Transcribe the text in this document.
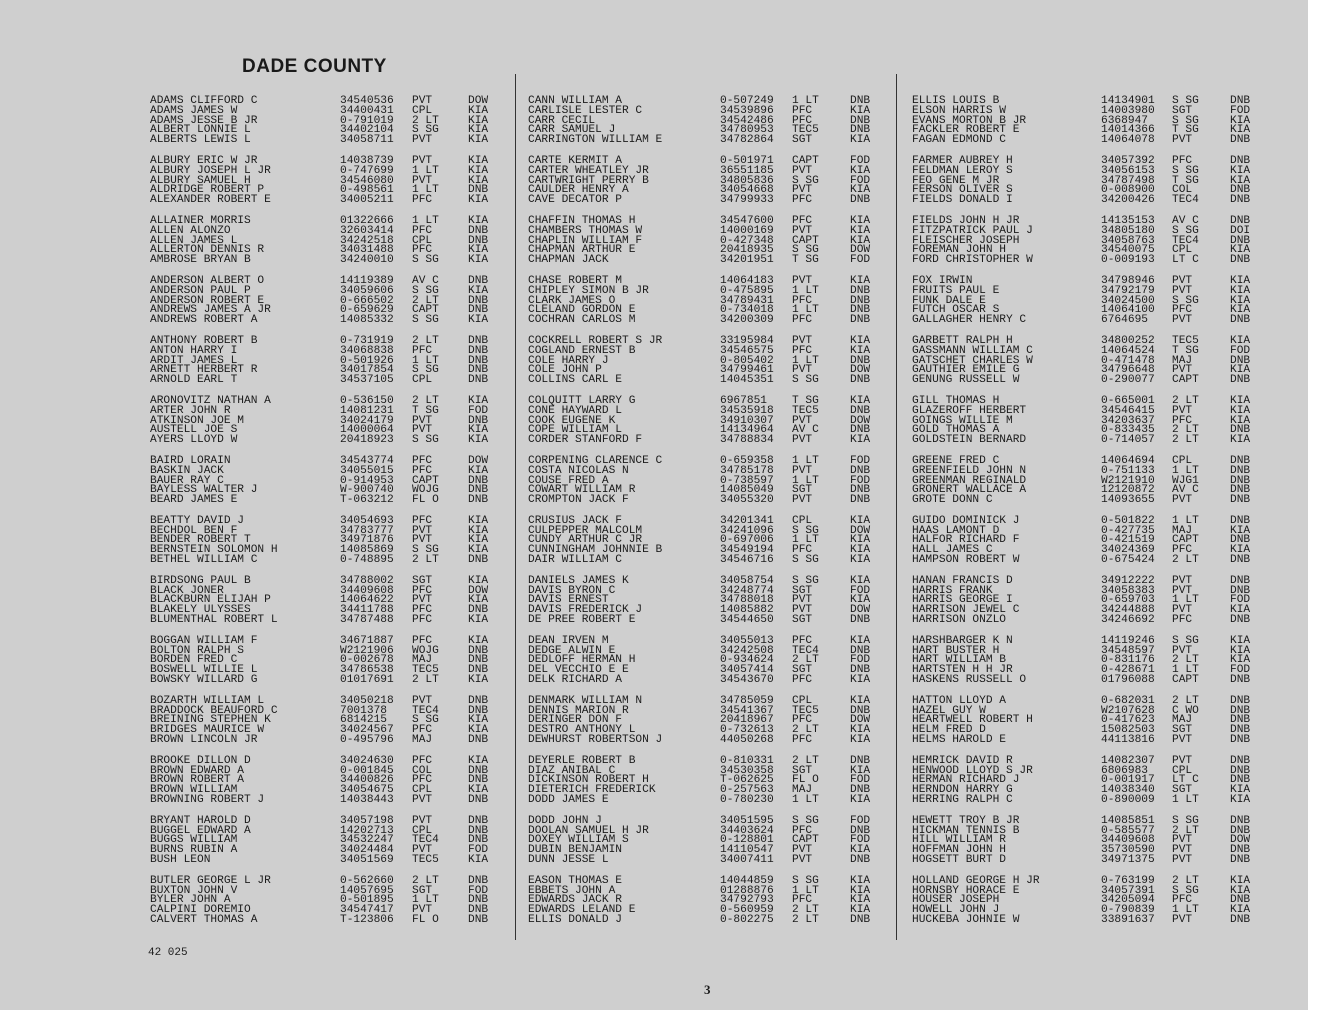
DADE COUNTY
ADAMS CLIFFORD C	34540536 PVT	DOW
ADAMS JAMES W	34400431 CPL	KIA
ADAMS JESSE B JR	0-791019 2 LT	KIA
ALBERT LONNIE L	34402104 S SG	KIA
ALBERTS LEWIS L	34058711 PVT	KIA
ALBURY ERIC W JR	14038739 PVT	KIA
ALBURY JOSEPH L JR	0-747699 1 LT	KIA
ALBURY SAMUEL H	34546080 PVT	KIA
ALDRIDGE ROBERT P	0-498561 1 LT	DNB
ALEXANDER ROBERT E	34005211 PFC	KIA
ALLAINER MORRIS	01322666 1 LT	KIA
ALLEN ALONZO	32603414 PFC	DNB
ALLEN JAMES L	34242518 CPL	DNB
ALLERTON DENNIS R	34031488 PFC	KIA
AMBROSE BRYAN B	34240010 S SG	KIA
ANDERSON ALBERT O	14119389 AV C	DNB
ANDERSON PAUL P	34059606 S SG	KIA
ANDERSON ROBERT E	0-666502 2 LT	DNB
ANDREWS JAMES A JR	0-659629 CAPT	DNB
ANDREWS ROBERT A	14085332 S SG	KIA
ANTHONY ROBERT B	0-731919 2 LT	DNB
ANTON HARRY I	34068838 PFC	DNB
ARDIT JAMES L	0-501926 1 LT	DNB
ARNETT HERBERT R	34017854 S SG	DNB
ARNOLD EARL T	34537105 CPL	DNB
ARONOVITZ NATHAN A	0-536150 2 LT	KIA
ARTER JOHN R	14081231 T SG	FOD
ATKINSON JOE M	34024179 PVT	DNB
AUSTELL JOE S	14000064 PVT	KIA
AYERS LLOYD W	20418923 S SG	KIA
BAIRD LORAIN	34543774 PFC	DOW
BASKIN JACK	34055015 PFC	KIA
BAUER RAY C	0-914953 CAPT	DNB
BAYLESS WALTER J	W-900740 WOJG	DNB
BEARD JAMES E	T-063212 FL O	DNB
BEATTY DAVID J	34054693 PFC	KIA
BECHDOL BEN F	34783777 PVT	KIA
BENDER ROBERT T	34971876 PVT	KIA
BERNSTEIN SOLOMON H	14085869 S SG	KIA
BETHEL WILLIAM C	0-748895 2 LT	DNB
BIRDSONG PAUL B	34788002 SGT	KIA
BLACK JONER	34409608 PFC	DOW
BLACKBURN ELIJAH P	14064622 PVT	KIA
BLAKELY ULYSSES	34411788 PFC	DNB
BLUMENTHAL ROBERT L	34787488 PFC	KIA
BOGGAN WILLIAM F	34671887 PFC	KIA
BOLTON RALPH S	W2121906 WOJG	DNB
BORDEN FRED C	0-002678 MAJ	DNB
BOSWELL WILLIE L	34786538 TEC5	DNB
BOWSKY WILLARD G	01017691 2 LT	KIA
BOZARTH WILLIAM L	34050218 PVT	DNB
BRADDOCK BEAUFORD C	7001378 TEC4	DNB
BREINING STEPHEN K	6814215 S SG	KIA
BRIDGES MAURICE W	34024567 PFC	KIA
BROWN LINCOLN JR	0-495796 MAJ	DNB
BROOKE DILLON D	34024630 PFC	KIA
BROWN EDWARD A	0-001845 COL	DNB
BROWN ROBERT A	34400826 PFC	DNB
BROWN WILLIAM	34054675 CPL	KIA
BROWNING ROBERT J	14038443 PVT	DNB
BRYANT HAROLD D	34057198 PVT	DNB
BUGGEL EDWARD A	14202713 CPL	DNB
BUGGS WILLIAM	34532247 TEC4	DNB
BURNS RUBIN A	34024484 PVT	FOD
BUSH LEON	34051569 TEC5	KIA
BUTLER GEORGE L JR	0-562660 2 LT	DNB
BUXTON JOHN V	14057695 SGT	FOD
BYLER JOHN A	0-501895 1 LT	DNB
CALPINI DOREMIO	34547417 PVT	DNB
CALVERT THOMAS A	T-123806 FL O	DNB
CANN WILLIAM A	0-507249 1 LT	DNB
CARLISLE LESTER C	34539896 PFC	KIA
CARR CECIL	34542486 PFC	DNB
CARR SAMUEL J	34780953 TEC5	DNB
CARRINGTON WILLIAM E	34782864 SGT	KIA
CARTE KERMIT A	0-501971 CAPT	FOD
CARTER WHEATLEY JR	36551185 PVT	KIA
CARTWRIGHT PERRY B	34805836 S SG	FOD
CAULDER HENRY A	34054668 PVT	KIA
CAVE DECATOR P	34799933 PFC	DNB
CHAFFIN THOMAS H	34547600 PFC	KIA
CHAMBERS THOMAS W	14000169 PVT	KIA
CHAPLIN WILLIAM F	0-427348 CAPT	KIA
CHAPMAN ARTHUR E	20418935 S SG	DOW
CHAPMAN JACK	34201951 T SG	FOD
CHASE ROBERT M	14064183 PVT	KIA
CHIPLEY SIMON B JR	0-475895 1 LT	DNB
CLARK JAMES O	34789431 PFC	DNB
CLELAND GORDON E	0-734018 1 LT	DNB
COCHRAN CARLOS M	34200309 PFC	DNB
COCKRELL ROBERT S JR	33195984 PVT	KIA
COGLAND ERNEST B	34546575 PFC	KIA
COLE HARRY J	0-805402 1 LT	DNB
COLE JOHN P	34799461 PVT	DOW
COLLINS CARL E	14045351 S SG	DNB
COLQUITT LARRY G	6967851 T SG	KIA
CONE HAYWARD L	34535918 TEC5	DNB
COOK EUGENE K	34910307 PVT	DOW
COPE WILLIAM L	14134964 AV C	DNB
CORDER STANFORD F	34788834 PVT	KIA
CORPENING CLARENCE C	0-659358 1 LT	FOD
COSTA NICOLAS N	34785178 PVT	DNB
COUSE FRED A	0-738597 1 LT	FOD
COWART WILLIAM R	14085049 SGT	DNB
CROMPTON JACK F	34055320 PVT	DNB
CRUSIUS JACK F	34201341 CPL	KIA
CULPEPPER MALCOLM	34241096 S SG	DOW
CUNDY ARTHUR C JR	0-697006 1 LT	KIA
CUNNINGHAM JOHNNIE B	34549194 PFC	KIA
DAIR WILLIAM C	34546716 S SG	KIA
DANIELS JAMES K	34058754 S SG	KIA
DAVIS BYRON C	34248774 SGT	FOD
DAVIS ERNEST	34788018 PVT	KIA
DAVIS FREDERICK J	14085882 PVT	DOW
DE PREE ROBERT E	34544650 SGT	DNB
DEAN IRVEN M	34055013 PFC	KIA
DEDGE ALWIN E	34242508 TEC4	DNB
DEDLOFF HERMAN H	0-934624 2 LT	FOD
DEL VECCHIO E E	34057414 SGT	DNB
DELK RICHARD A	34543670 PFC	KIA
DENMARK WILLIAM N	34785059 CPL	KIA
DENNIS MARION R	34541367 TEC5	DNB
DERINGER DON F	20418967 PFC	DOW
DESTRO ANTHONY L	0-732613 2 LT	KIA
DEWHURST ROBERTSON J	44050268 PFC	KIA
DEYERLE ROBERT B	0-810331 2 LT	DNB
DIAZ ANIBAL C	34530358 SGT	KIA
DICKINSON ROBERT H	T-062625 FL O	FOD
DIETERICH FREDERICK	0-257563 MAJ	DNB
DODD JAMES E	0-780230 1 LT	KIA
DODD JOHN J	34051595 S SG	FOD
DOOLAN SAMUEL H JR	34403624 PFC	DNB
DOXEY WILLIAM S	0-128801 CAPT	FOD
DUBIN BENJAMIN	14110547 PVT	KIA
DUNN JESSE L	34007411 PVT	DNB
EASON THOMAS E	14044859 S SG	KIA
EBBETS JOHN A	01288876 1 LT	KIA
EDWARDS JACK R	34792793 PFC	KIA
EDWARDS LELAND E	0-560959 2 LT	KIA
ELLIS DONALD J	0-802275 2 LT	DNB
ELLIS LOUIS B	14134901 S SG	DNB
ELSON HARRIS W	14003980 SGT	FOD
EVANS MORTON B JR	6368947 S SG	KIA
FACKLER ROBERT E	14014366 T SG	KIA
FAGAN EDMOND C	14064078 PVT	DNB
FARMER AUBREY H	34057392 PFC	DNB
FELDMAN LEROY S	34056153 S SG	KIA
FEO GENE M JR	34787498 T SG	KIA
FERSON OLIVER S	0-008900 COL	DNB
FIELDS DONALD I	34200426 TEC4	DNB
FIELDS JOHN H JR	14135153 AV C	DNB
FITZPATRICK PAUL J	34805180 S SG	DOI
FLEISCHER JOSEPH	34058763 TEC4	DNB
FOREMAN JOHN H	34540075 CPL	KIA
FORD CHRISTOPHER W	0-009193 LT C	DNB
FOX IRWIN	34798946 PVT	KIA
FRUITS PAUL E	34792179 PVT	KIA
FUNK DALE E	34024500 S SG	KIA
FUTCH OSCAR S	14064100 PFC	KIA
GALLAGHER HENRY C	6764695 PVT	DNB
GARBETT RALPH H	34800252 TEC5	KIA
GASSMANN WILLIAM C	14064524 T SG	FOD
GATSCHET CHARLES W	0-471478 MAJ	DNB
GAUTHIER EMILE G	34796648 PVT	KIA
GENUNG RUSSELL W	0-290077 CAPT	DNB
GILL THOMAS H	0-665001 2 LT	KIA
GLAZEROFF HERBERT	34546415 PVT	KIA
GOINGS WILLIE M	34203637 PFC	KIA
GOLD THOMAS A	0-833435 2 LT	DNB
GOLDSTEIN BERNARD	0-714057 2 LT	KIA
GREENE FRED C	14064694 CPL	DNB
GREENFIELD JOHN N	0-751133 1 LT	DNB
GREENMAN REGINALD	W2121910 WJG1	DNB
GRONERT WALLACE A	12120872 AV C	DNB
GROTE DONN C	14093655 PVT	DNB
GUIDO DOMINICK J	0-501822 1 LT	DNB
HAAS LAMONT D	0-427735 MAJ	KIA
HALFOR RICHARD F	0-421519 CAPT	DNB
HALL JAMES C	34024369 PFC	KIA
HAMPSON ROBERT W	0-675424 2 LT	DNB
HANAN FRANCIS D	34912222 PVT	DNB
HARRIS FRANK	34058383 PVT	DNB
HARRIS GEORGE I	0-659703 1 LT	FOD
HARRISON JEWEL C	34244888 PVT	KIA
HARRISON ONZLO	34246692 PFC	DNB
HARSHBARGER K N	14119246 S SG	KIA
HART BUSTER H	34548597 PVT	KIA
HART WILLIAM B	0-831176 2 LT	KIA
HARTSTEN H H JR	0-428671 1 LT	FOD
HASKENS RUSSELL O	01796088 CAPT	DNB
HATTON LLOYD A	0-682031 2 LT	DNB
HAZEL GUY W	W2107628 C WO	DNB
HEARTWELL ROBERT H	0-417623 MAJ	DNB
HELM FRED D	15082503 SGT	DNB
HELMS HAROLD E	44113816 PVT	DNB
HEMRICK DAVID R	14082307 PVT	DNB
HENWOOD LLOYD S JR	6806983 CPL	DNB
HERMAN RICHARD J	0-001917 LT C	DNB
HERNDON HARRY G	14038340 SGT	KIA
HERRING RALPH C	0-890009 1 LT	KIA
HEWETT TROY B JR	14085851 S SG	DNB
HICKMAN TENNIS B	0-585577 2 LT	DNB
HILL WILLIAM R	34409608 PVT	DOW
HOFFMAN JOHN H	35730590 PVT	DNB
HOGSETT BURT D	34971375 PVT	DNB
HOLLAND GEORGE H JR	0-763199 2 LT	KIA
HORNSBY HORACE E	34057391 S SG	KIA
HOUSER JOSEPH	34205094 PFC	DNB
HOWELL JOHN J	0-790839 1 LT	KIA
HUCKEBA JOHNIE W	33891637 PVT	DNB
42 025
3
